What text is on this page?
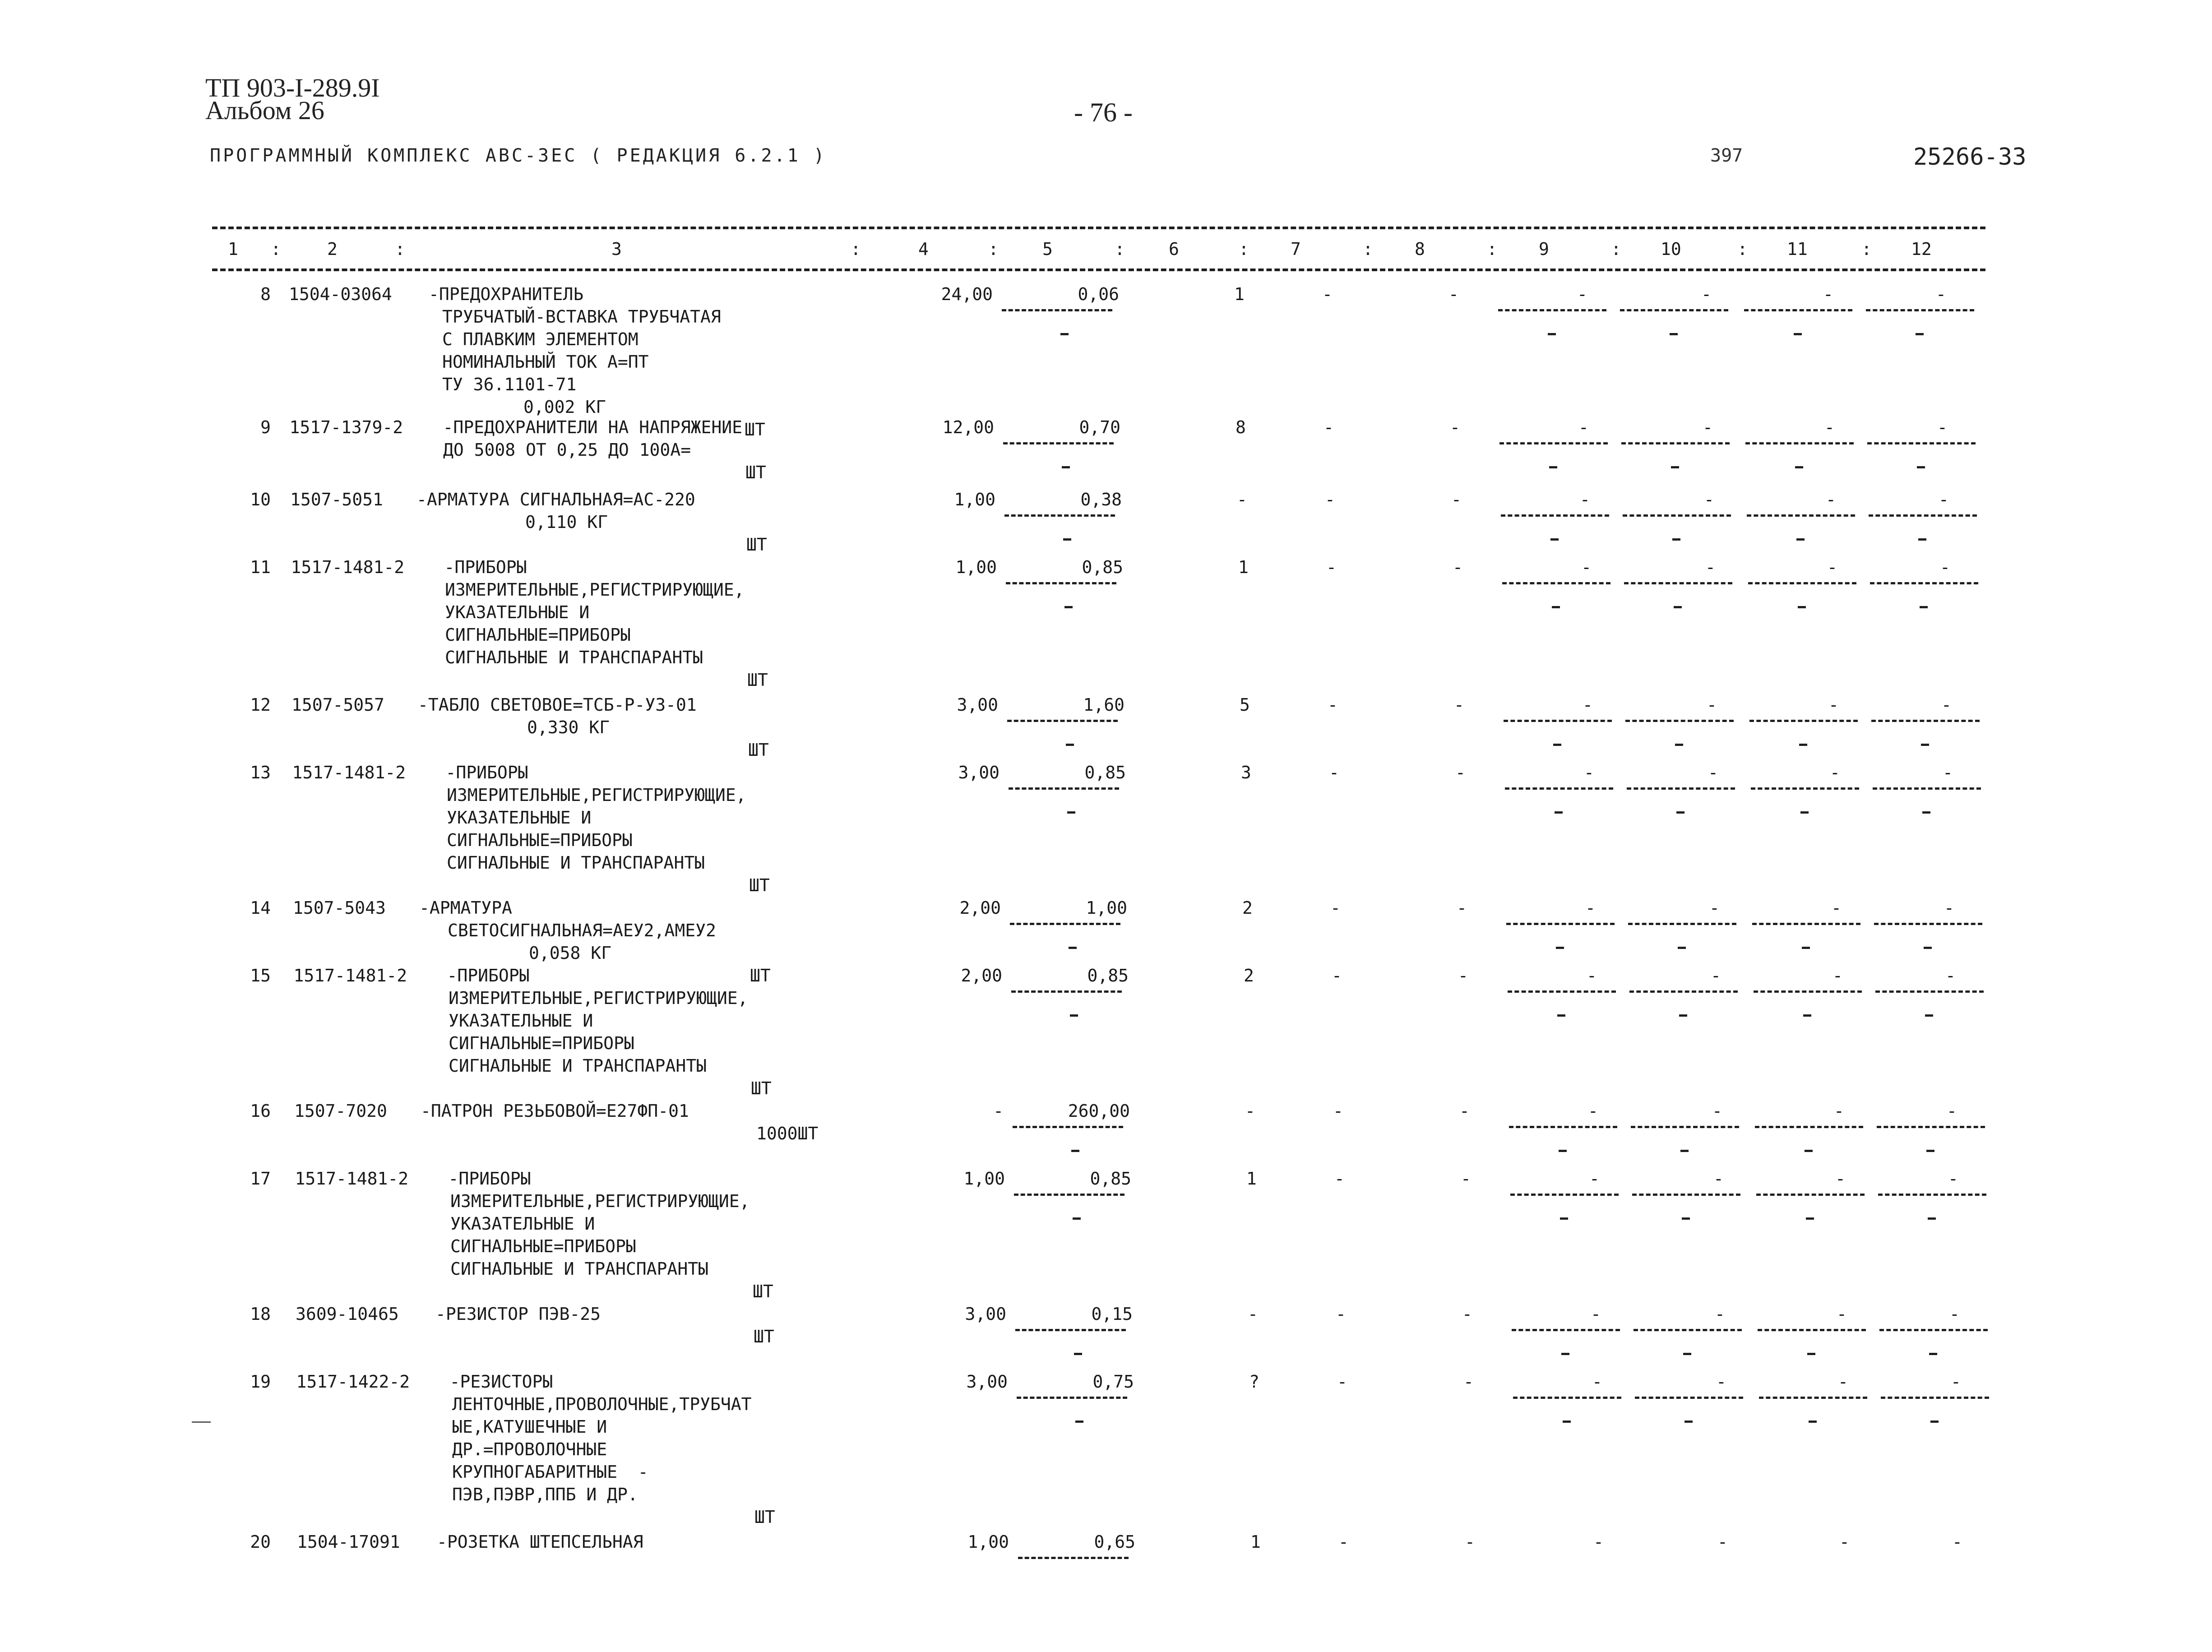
ТП 903-I-289.9I
Альбом 26	- 76 -
ПРОГРАММНЫЙ КОМПЛЕКС АВС-3ЕС ( РЕДАКЦИЯ 6.2.1 )	397	25266-33
1 :	2	:	3	:	4	:	5	:	6	: 7	: 8	: 9	: 10	: 11	: 12
8 1504-03064 -ПРЕДОХРАНИТЕЛЬ
ТРУБЧАТЫЙ-ВСТАВКА ТРУБЧАТАЯ
С ПЛАВКИМ ЭЛЕМЕНТОМ
НОМИНАЛЬНЫЙ ТОК А=ПТ
ТУ 36.1101-71
0,002 КГ
ШТ
24,00	0,06	1	-	-	-	-	-	-
9 1517-1379-2 -ПРЕДОХРАНИТЕЛИ НА НАПРЯЖЕНИЕ
ДО 5008 ОТ 0,25 ДО 100А=
ШТ
12,00	0,70	8	-	-	-	-	-	-
10 1507-5051 -АРМАТУРА СИГНАЛЬНАЯ=АС-220
0,110 КГ
ШТ
1,00	0,38	-	-	-	-	-	-	-
11 1517-1481-2 -ПРИБОРЫ
ИЗМЕРИТЕЛЬНЫЕ,РЕГИСТРИРУЮЩИЕ,
УКАЗАТЕЛЬНЫЕ И
СИГНАЛЬНЫЕ=ПРИБОРЫ
СИГНАЛЬНЫЕ И ТРАНСПАРАНТЫ
ШТ
1,00	0,85	1	-	-	-	-	-	-
12 1507-5057 -ТАБЛО СВЕТОВОЕ=ТСБ-Р-У3-01
0,330 КГ
ШТ
3,00	1,60	5	-	-	-	-	-	-
13 1517-1481-2 -ПРИБОРЫ
ИЗМЕРИТЕЛЬНЫЕ,РЕГИСТРИРУЮЩИЕ,
УКАЗАТЕЛЬНЫЕ И
СИГНАЛЬНЫЕ=ПРИБОРЫ
СИГНАЛЬНЫЕ И ТРАНСПАРАНТЫ
ШТ
3,00	0,85	3	-	-	-	-	-	-
14 1507-5043 -АРМАТУРА
СВЕТОСИГНАЛЬНАЯ=АЕУ2,АМЕУ2
0,058 КГ
ШТ
2,00	1,00	2	-	-	-	-	-	-
15 1517-1481-2 -ПРИБОРЫ
ИЗМЕРИТЕЛЬНЫЕ,РЕГИСТРИРУЮЩИЕ,
УКАЗАТЕЛЬНЫЕ И
СИГНАЛЬНЫЕ=ПРИБОРЫ
СИГНАЛЬНЫЕ И ТРАНСПАРАНТЫ
ШТ
2,00	0,85	2	-	-	-	-	-	-
16 1507-7020 -ПАТРОН РЕЗЬБОВОЙ=Е27ФП-01
1000ШТ
-	260,00	-	-	-	-	-	-	-
17 1517-1481-2 -ПРИБОРЫ
ИЗМЕРИТЕЛЬНЫЕ,РЕГИСТРИРУЮЩИЕ,
УКАЗАТЕЛЬНЫЕ И
СИГНАЛЬНЫЕ=ПРИБОРЫ
СИГНАЛЬНЫЕ И ТРАНСПАРАНТЫ
ШТ
1,00	0,85	1	-	-	-	-	-	-
18 3609-10465 -РЕЗИСТОР ПЭВ-25
ШТ
3,00	0,15	-	-	-	-	-	-	-
19 1517-1422-2 -РЕЗИСТОРЫ
ЛЕНТОЧНЫЕ,ПРОВОЛОЧНЫЕ,ТРУБЧАТ
ЫЕ,КАТУШЕЧНЫЕ И
ДР.=ПРОВОЛОЧНЫЕ
КРУПНОГАБАРИТНЫЕ  -
ПЭВ,ПЭВР,ППБ И ДР.
ШТ
3,00	0,75	?	-	-	-	-	-	-
20 1504-17091 -РОЗЕТКА ШТЕПСЕЛЬНАЯ	1,00	0,65	1	-	-	-	-	-	-
